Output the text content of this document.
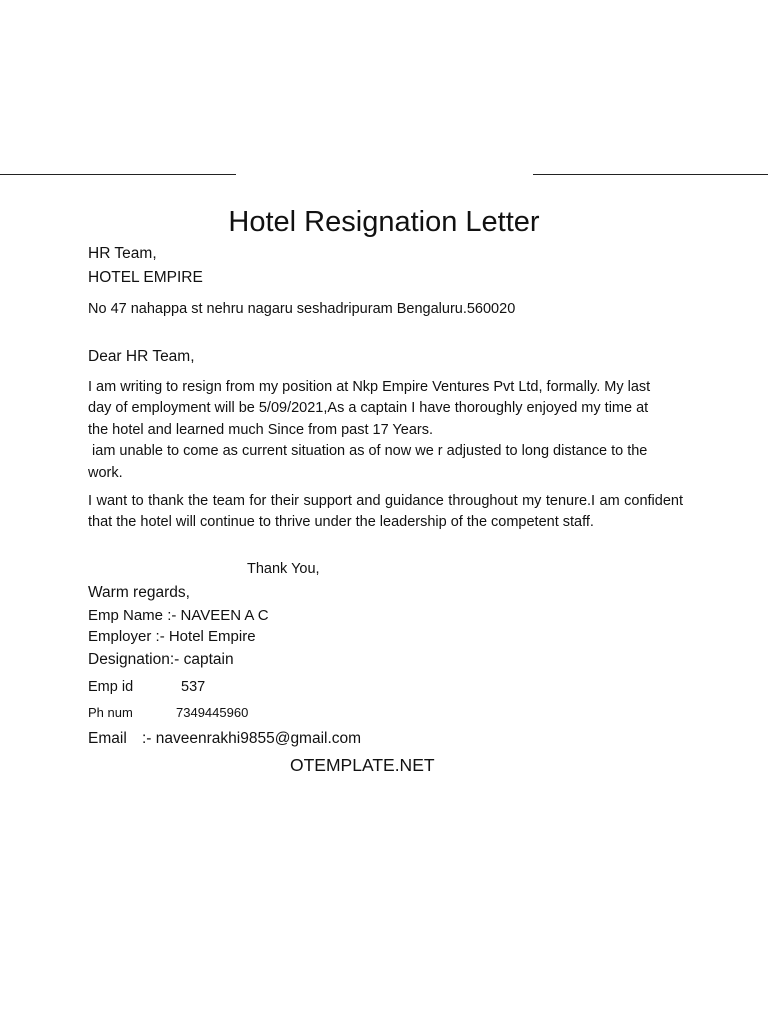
Hotel Resignation Letter
HR Team,
HOTEL EMPIRE
No 47 nahappa st nehru nagaru seshadripuram Bengaluru.560020
Dear HR Team,
I am writing to resign from my position at Nkp Empire Ventures Pvt Ltd, formally. My last
day of employment will be 5/09/2021,As a captain I have thoroughly enjoyed my time at
the hotel and learned much Since from past 17 Years.
iam unable to come as current situation as of now we r adjusted to long distance to the
work.
I want to thank the team for their support and guidance throughout my tenure.I am confident that the hotel will continue to thrive under the leadership of the competent staff.
Thank You,
Warm regards,
Emp Name :- NAVEEN A C
Employer :- Hotel Empire
Designation:- captain
Emp id	537
Ph num	7349445960
Email :- naveenrakhi9855@gmail.com
OTEMPLATE.NET
